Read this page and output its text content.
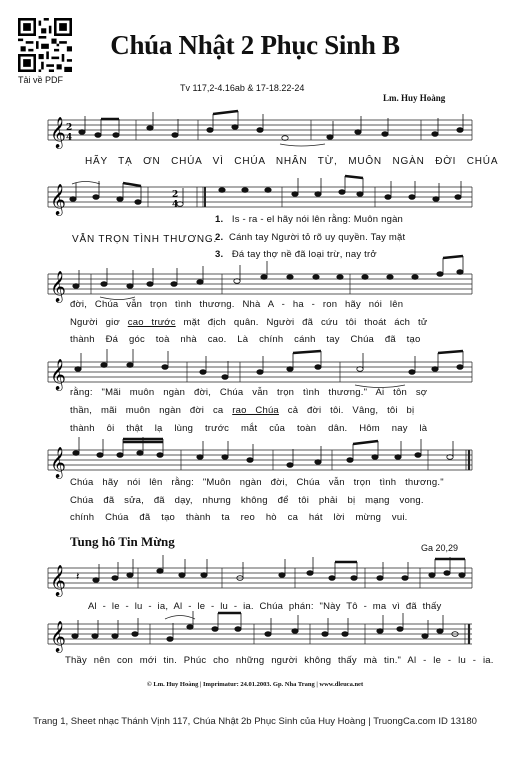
Tải về PDF
Chúa Nhật 2 Phục Sinh B
Tv 117,2-4.16ab & 17-18.22-24
Lm. Huy Hoàng
𝄞 2
4
HÃY TẠ ƠN CHÚA VÌ CHÚA NHÂN TỪ, MUÔN NGÀN ĐỜI CHÚA
𝄞	2
4
VẪN TRỌN TÌNH THƯƠNG.
1. Is - ra - el hãy nói lên rằng: Muôn ngàn
2. Cánh tay Người tỏ rõ uy quyền. Tay mặt
3. Đá tay thợ nề đã loại trừ, nay trở
𝄞
đời, Chúa vẫn trọn tình thương. Nhà A - ha - ron hãy nói lên
Người giơ cao trước mặt địch quân. Người đã cứu tôi thoát ách tử
thành Đá góc toà nhà cao. Là chính cánh tay Chúa đã tạo
𝄞
rằng: "Mãi muôn ngàn đời, Chúa vẫn trọn tình thương." Ai tôn sợ
thần, mãi muôn ngàn đời ca rao Chúa cả đời tôi. Vâng, tôi bị
thành ôi thật lạ lùng trước mắt của toàn dân. Hôm nay là
𝄞
Chúa hãy nói lên rằng: "Muôn ngàn đời, Chúa vẫn trọn tình thương."
Chúa đã sửa, đã dạy, nhưng không để tôi phải bị mạng vong.
chính Chúa đã tạo thành ta reo hò ca hát lời mừng vui.
Tung hô Tin Mừng	Ga 20,29
𝄞 𝄽
Al - le - lu - ia, Al - le - lu - ia. Chúa phán: "Này Tô - ma vì đã thấy
𝄞
Thầy nên con mới tin. Phúc cho những người không thấy mà tin." Al - le - lu - ia.
© Lm. Huy Hoàng | Imprimatur: 24.01.2003. Gp. Nha Trang | www.dleuca.net
Trang 1, Sheet nhạc Thánh Vịnh 117, Chúa Nhật 2b Phục Sinh của Huy Hoàng | TruongCa.com ID 13180
